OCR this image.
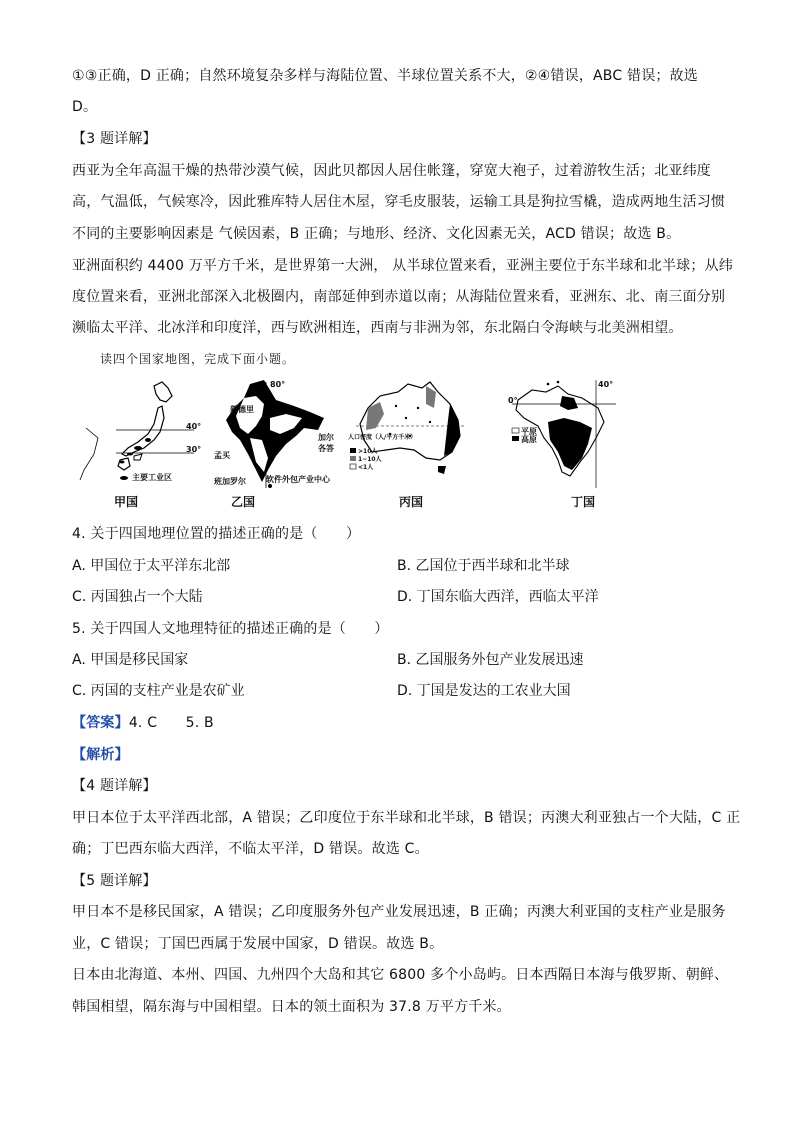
①③正确，D 正确；自然环境复杂多样与海陆位置、半球位置关系不大，②④错误，ABC 错误；故选
D。
【3 题详解】
西亚为全年高温干燥的热带沙漠气候，因此贝都因人居住帐篷，穿宽大袍子，过着游牧生活；北亚纬度
高，气温低，气候寒冷，因此雅库特人居住木屋，穿毛皮服装，运输工具是狗拉雪橇，造成两地生活习惯
不同的主要影响因素是 气候因素，B 正确；与地形、经济、文化因素无关，ACD 错误；故选 B。
亚洲面积约 4400 万平方千米，是世界第一大洲， 从半球位置来看，亚洲主要位于东半球和北半球；从纬
度位置来看，亚洲北部深入北极圈内，南部延伸到赤道以南；从海陆位置来看，亚洲东、北、南三面分别
濒临太平洋、北冰洋和印度洋，西与欧洲相连，西南与非洲为邻，东北隔白令海峡与北美洲相望。
读四个国家地图，完成下面小题。
40°
30°
主要工业区
甲国
80°
新德里
孟买
班加罗尔	软件外包产业中心
加尔各答
乙国
人口密度（人/平方千米）
>10人
1~10人
<1人
丙国
40°
0°
平原
高原
丁国
4. 关于四国地理位置的描述正确的是（　　）
A. 甲国位于太平洋东北部	B. 乙国位于西半球和北半球
C. 丙国独占一个大陆	D. 丁国东临大西洋，西临太平洋
5. 关于四国人文地理特征的描述正确的是（　　）
A. 甲国是移民国家	B. 乙国服务外包产业发展迅速
C. 丙国的支柱产业是农矿业	D. 丁国是发达的工农业大国
【答案】4. C　　5. B
【解析】
【4 题详解】
甲日本位于太平洋西北部，A 错误；乙印度位于东半球和北半球，B 错误；丙澳大利亚独占一个大陆，C 正
确；丁巴西东临大西洋，不临太平洋，D 错误。故选 C。
【5 题详解】
甲日本不是移民国家，A 错误；乙印度服务外包产业发展迅速，B 正确；丙澳大利亚国的支柱产业是服务
业，C 错误；丁国巴西属于发展中国家，D 错误。故选 B。
日本由北海道、本州、四国、九州四个大岛和其它 6800 多个小岛屿。日本西隔日本海与俄罗斯、朝鲜、
韩国相望，隔东海与中国相望。日本的领土面积为 37.8 万平方千米。
